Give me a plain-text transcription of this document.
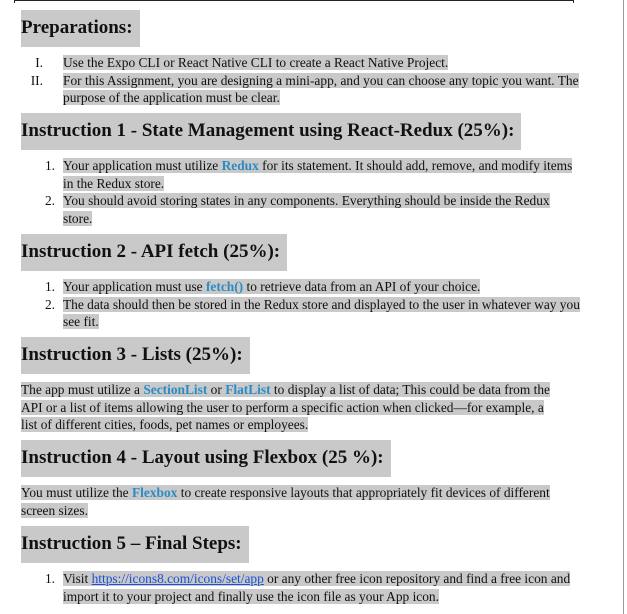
Preparations:
I. Use the Expo CLI or React Native CLI to create a React Native Project.
II. For this Assignment, you are designing a mini-app, and you can choose any topic you want. The purpose of the application must be clear.
Instruction 1 - State Management using React-Redux (25%):
1. Your application must utilize Redux for its statement. It should add, remove, and modify items in the Redux store.
2. You should avoid storing states in any components. Everything should be inside the Redux store.
Instruction 2 - API fetch (25%):
1. Your application must use fetch() to retrieve data from an API of your choice.
2. The data should then be stored in the Redux store and displayed to the user in whatever way you see fit.
Instruction 3 - Lists (25%):

The app must utilize a SectionList or FlatList to display a list of data; This could be data from the API or a list of items allowing the user to perform a specific action when clicked—for example, a list of different cities, foods, pet names or employees.

Instruction 4 - Layout using Flexbox (25 %):

You must utilize the Flexbox to create responsive layouts that appropriately fit devices of different screen sizes.

Instruction 5 – Final Steps:
1. Visit https://icons8.com/icons/set/app or any other free icon repository and find a free icon and import it to your project and finally use the icon file as your App icon.
